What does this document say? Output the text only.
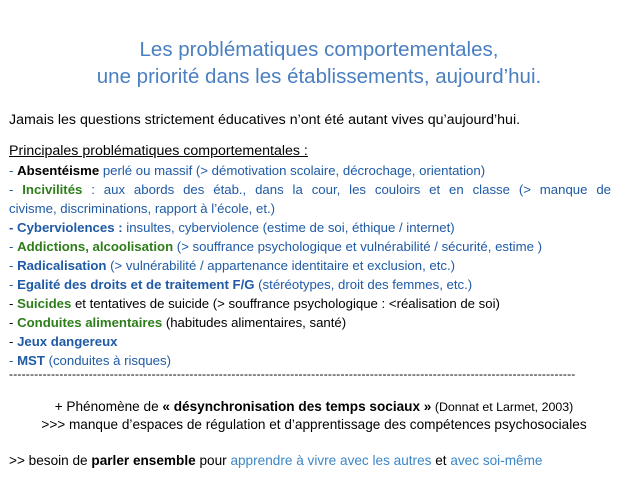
Les problématiques comportementales,
une priorité dans les établissements, aujourd’hui.
Jamais les questions strictement éducatives n’ont été autant vives qu’aujourd’hui.
Principales problématiques comportementales :
- Absentéisme perlé ou massif (> démotivation scolaire, décrochage, orientation)
- Incivilités : aux abords des étab., dans la cour, les couloirs et en classe (> manque de
civisme, discriminations, rapport à l’école, et.)
- Cyberviolences : insultes, cyberviolence (estime de soi, éthique / internet)
- Addictions, alcoolisation (> souffrance psychologique et vulnérabilité / sécurité, estime )
- Radicalisation (> vulnérabilité / appartenance identitaire et exclusion, etc.)
- Egalité des droits et de traitement F/G (stéréotypes, droit des femmes, etc.)
- Suicides et tentatives de suicide (> souffrance psychologique : <réalisation de soi)
- Conduites alimentaires (habitudes alimentaires, santé)
- Jeux dangereux
- MST (conduites à risques)
---------------------------------------------------------------------------------------------------------------------------------------
+ Phénomène de « désynchronisation des temps sociaux » (Donnat et Larmet, 2003)
>>> manque d’espaces de régulation et d’apprentissage des compétences psychosociales
>> besoin de parler ensemble pour apprendre à vivre avec les autres et avec soi-même
